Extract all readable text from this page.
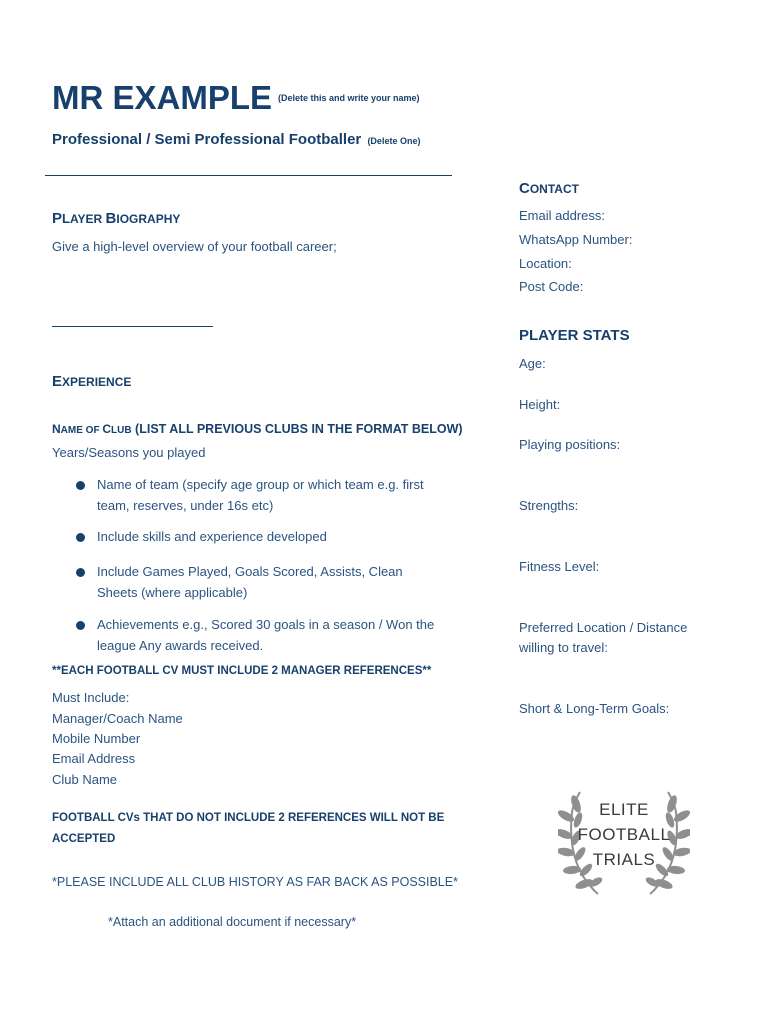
MR EXAMPLE $^{(Delete this and write your name)}$
Professional / Semi Professional Footballer (Delete One)
PLAYER BIOGRAPHY
Give a high-level overview of your football career;
EXPERIENCE
NAME OF CLUB (LIST ALL PREVIOUS CLUBS IN THE FORMAT BELOW)
Years/Seasons you played
Name of team (specify age group or which team e.g. first team, reserves, under 16s etc)
Include skills and experience developed
Include Games Played, Goals Scored, Assists, Clean Sheets (where applicable)
Achievements e.g., Scored 30 goals in a season / Won the league Any awards received.
**EACH FOOTBALL CV MUST INCLUDE 2 MANAGER REFERENCES**
Must Include:
Manager/Coach Name
Mobile Number
Email Address
Club Name
FOOTBALL CVs THAT DO NOT INCLUDE 2 REFERENCES WILL NOT BE
ACCEPTED
*PLEASE INCLUDE ALL CLUB HISTORY AS FAR BACK AS POSSIBLE*
*Attach an additional document if necessary*
CONTACT
Email address:
WhatsApp Number:
Location:
Post Code:
PLAYER STATS
Age:
Height:
Playing positions:
Strengths:
Fitness Level:
Preferred Location / Distance
willing to travel:
Short & Long-Term Goals:
ELITE
FOOTBALL
TRIALS
